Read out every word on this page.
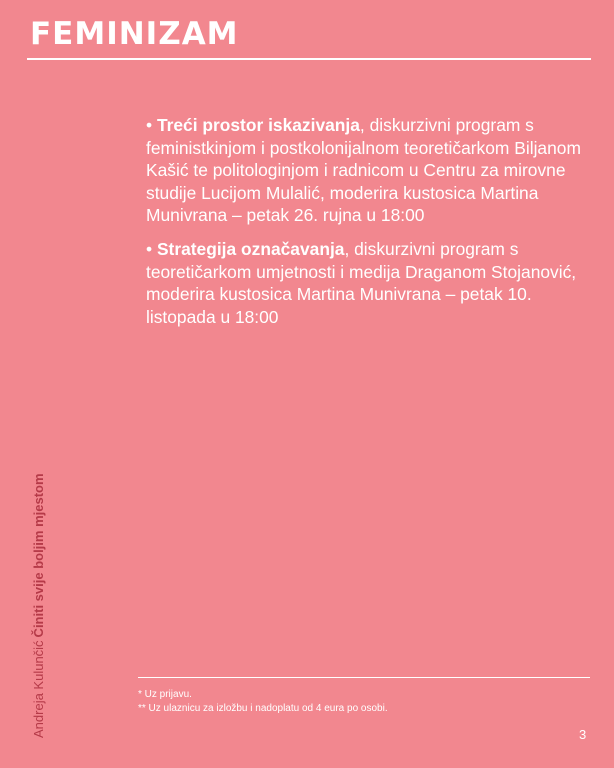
FEMINIZAM

• Treći prostor iskazivanja, diskurzivni program s feministkinjom i postkolonijalnom teoretičarkom Biljanom Kašić te politologinjom i radnicom u Centru za mirovne studije Lucijom Mulalić, moderira kustosica Martina Munivrana – petak 26. rujna u 18:00

• Strategija označavanja, diskurzivni program s teoretičarkom umjetnosti i medija Draganom Stojanović, moderira kustosica Martina Munivrana – petak 10. listopada u 18:00

Andreja KulunčićČiniti svije boljim mjestom
* Uz prijavu.
** Uz ulaznicu za izložbu i nadoplatu od 4 eura po osobi.
3
